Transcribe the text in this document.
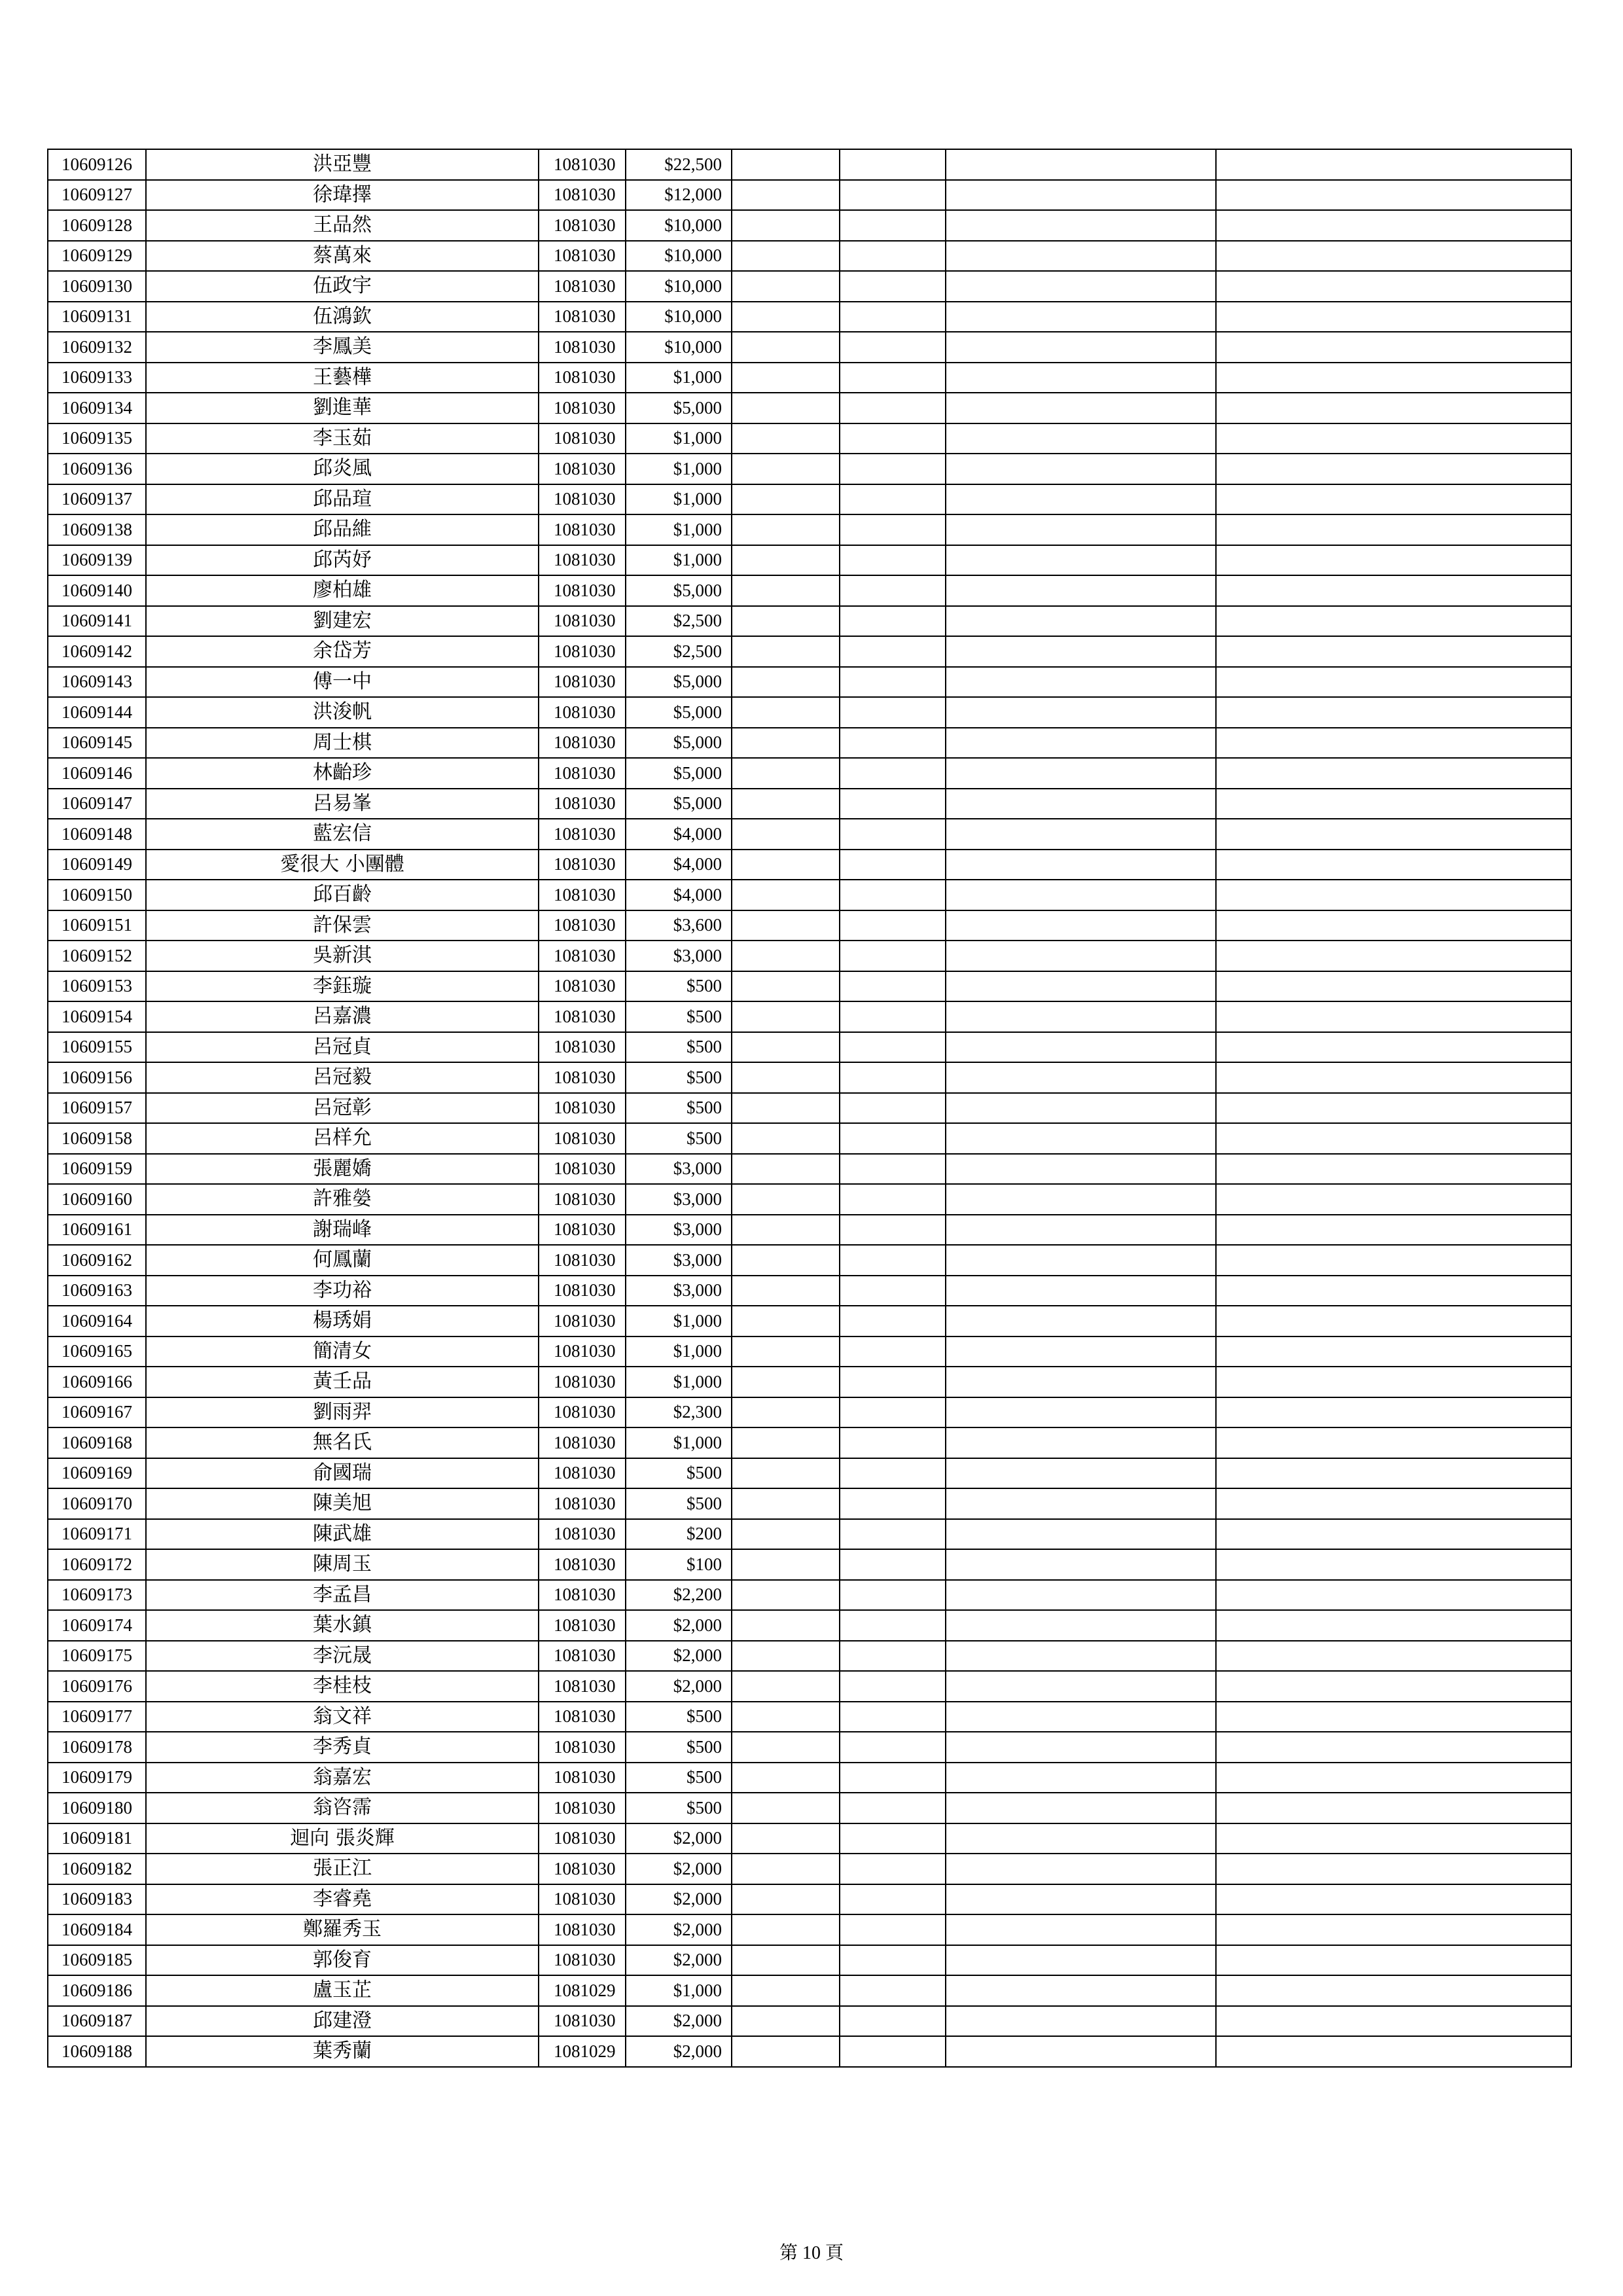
10609126	洪亞豐	1081030	$22,500				
10609127	徐瑋擇	1081030	$12,000				
10609128	王品然	1081030	$10,000				
10609129	蔡萬來	1081030	$10,000				
10609130	伍政宇	1081030	$10,000				
10609131	伍鴻欽	1081030	$10,000				
10609132	李鳳美	1081030	$10,000				
10609133	王藝樺	1081030	$1,000				
10609134	劉進華	1081030	$5,000				
10609135	李玉茹	1081030	$1,000				
10609136	邱炎風	1081030	$1,000				
10609137	邱品瑄	1081030	$1,000				
10609138	邱品維	1081030	$1,000				
10609139	邱芮妤	1081030	$1,000				
10609140	廖柏雄	1081030	$5,000				
10609141	劉建宏	1081030	$2,500				
10609142	余岱芳	1081030	$2,500				
10609143	傅一中	1081030	$5,000				
10609144	洪浚帆	1081030	$5,000				
10609145	周士棋	1081030	$5,000				
10609146	林齝珍	1081030	$5,000				
10609147	呂易峯	1081030	$5,000				
10609148	藍宏信	1081030	$4,000				
10609149	愛很大 小團體	1081030	$4,000				
10609150	邱百齡	1081030	$4,000				
10609151	許保雲	1081030	$3,600				
10609152	吳新淇	1081030	$3,000				
10609153	李鈺璇	1081030	$500				
10609154	呂嘉濃	1081030	$500				
10609155	呂冠貞	1081030	$500				
10609156	呂冠毅	1081030	$500				
10609157	呂冠彰	1081030	$500				
10609158	呂样允	1081030	$500				
10609159	張麗嬌	1081030	$3,000				
10609160	許雅嫈	1081030	$3,000				
10609161	謝瑞峰	1081030	$3,000				
10609162	何鳳蘭	1081030	$3,000				
10609163	李功裕	1081030	$3,000				
10609164	楊琇娟	1081030	$1,000				
10609165	簡清女	1081030	$1,000				
10609166	黃壬品	1081030	$1,000				
10609167	劉雨羿	1081030	$2,300				
10609168	無名氏	1081030	$1,000				
10609169	俞國瑞	1081030	$500				
10609170	陳美旭	1081030	$500				
10609171	陳武雄	1081030	$200				
10609172	陳周玉	1081030	$100				
10609173	李孟昌	1081030	$2,200				
10609174	葉水鎮	1081030	$2,000				
10609175	李沅晟	1081030	$2,000				
10609176	李桂枝	1081030	$2,000				
10609177	翁文祥	1081030	$500				
10609178	李秀貞	1081030	$500				
10609179	翁嘉宏	1081030	$500				
10609180	翁咨霈	1081030	$500				
10609181	迴向 張炎輝	1081030	$2,000				
10609182	張正江	1081030	$2,000				
10609183	李睿堯	1081030	$2,000				
10609184	鄭羅秀玉	1081030	$2,000				
10609185	郭俊育	1081030	$2,000				
10609186	盧玉芷	1081029	$1,000				
10609187	邱建澄	1081030	$2,000				
10609188	葉秀蘭	1081029	$2,000				
第 10 頁
